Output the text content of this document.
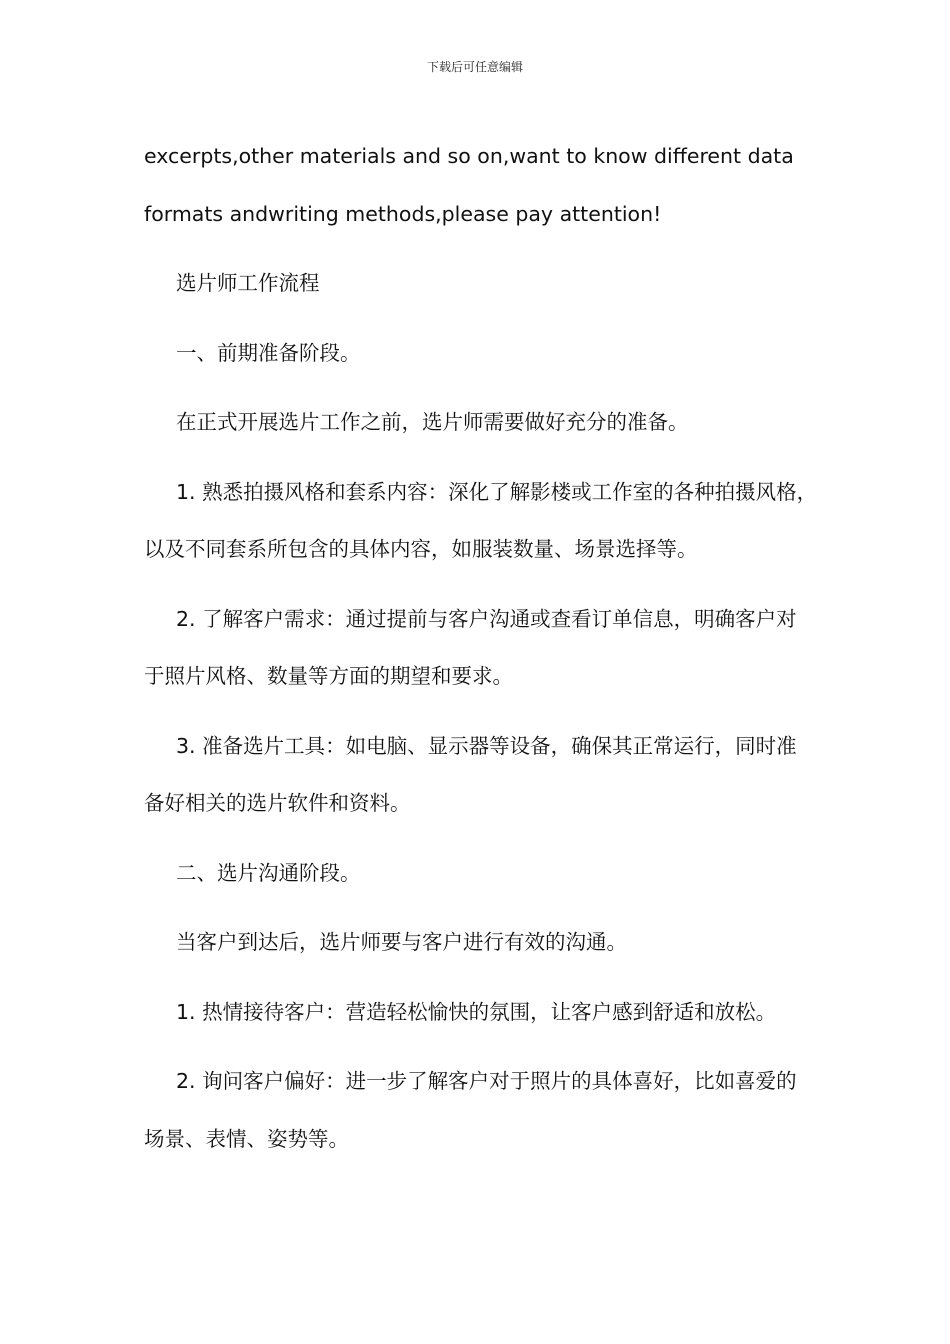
下载后可任意编辑
excerpts,other materials and so on,want to know different data
formats andwriting methods,please pay attention!
选片师工作流程
一、前期准备阶段。
在正式开展选片工作之前，选片师需要做好充分的准备。
1. 熟悉拍摄风格和套系内容：深化了解影楼或工作室的各种拍摄风格，
以及不同套系所包含的具体内容，如服装数量、场景选择等。
2. 了解客户需求：通过提前与客户沟通或查看订单信息，明确客户对
于照片风格、数量等方面的期望和要求。
3. 准备选片工具：如电脑、显示器等设备，确保其正常运行，同时准
备好相关的选片软件和资料。
二、选片沟通阶段。
当客户到达后，选片师要与客户进行有效的沟通。
1. 热情接待客户：营造轻松愉快的氛围，让客户感到舒适和放松。
2. 询问客户偏好：进一步了解客户对于照片的具体喜好，比如喜爱的
场景、表情、姿势等。
